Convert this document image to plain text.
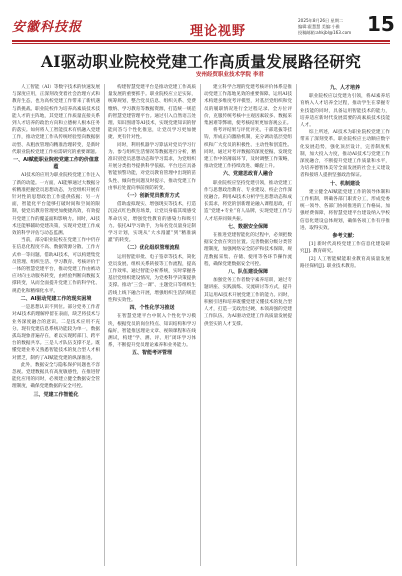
安徽科技报	理论视野
2025年8月26日 星期二
编辑:霍慧慧 美编:小雅
投稿邮箱:ahkjbl@163.com 15
AI驱动职业院校党建工作高质量发展路径研究
安州经贸职业技术学院 李君

人工智能（AI）等数字技术的快速发展与深度应用，正深刻改变着社会治理方式和教育生态，也为高校党建工作带来了新机遇与新挑战。职业院校作为培养高素质技术技能人才的主阵地，其党建工作质量直接关系到人才培养的政治方向和立德树人根本任务的落实。如何将人工智能技术有机融入党建工作，推动党建工作从传统经验型向数据驱动型、从粗放管理向精准治理转变，是新时代职业院校党建工作亟需研究的重要课题。

一、AI赋能职业院校党建工作的价值意蕴

AI技术的应用为职业院校党建工作注入了新的动能。一方面，AI能够通过大数据分析精准把握党员思想动态，为党组织开展有针对性的思想政治工作提供依据；另一方面，智能化平台能够打破时间和空间的限制，使党员教育管理更加便捷高效，有效提升党建工作的覆盖面和影响力。同时，AI技术还能够辅助党建决策，实现对党建工作成效的科学评估与动态监测。

当前，部分职业院校在党建工作中仍存在信息化程度不高、数据资源分散、工作方式单一等问题。借助AI技术，可以构建集党员管理、组织生活、学习教育、考核评价于一体的智慧党建平台，推动党建工作由被动应对向主动服务转变，由经验判断向数据支撑转变，从而全面提升党建工作的科学化、规范化和精细化水平。

二、AI驱动党建工作的现实困境

一是思想认识不到位。部分党务工作者对AI技术的理解停留在表面，缺乏将技术与业务深度融合的意识。二是技术应用不充分。现有党建信息系统功能较为单一，数据孤岛现象普遍存在，难以实现跨部门、跨平台的数据共享。三是人才队伍支撑不足。既懂党建业务又熟悉智能技术的复合型人才相对匮乏，制约了AI赋能党建的纵深推进。

此外，数据安全与隐私保护问题也不容忽视。党建数据具有高度敏感性，在推进智能化应用的同时，必须建立健全数据安全管理制度，确保党建数据的安全可控。

三、党建工作智能化

构建智慧党建平台是推动党建工作高质量发展的重要抓手。职业院校应立足实际，统筹规划，整合党员信息、组织关系、党费缴纳、学习教育等数据资源，打造统一规范的智慧党建管理平台。通过引入自然语言处理、知识图谱等AI技术，实现党建知识的智能问答与个性化推送，让党员学习更加便捷、更有针对性。

同时，利用机器学习算法对党员学习行为、参与组织生活情况等数据进行分析，精准识别党员思想动态和学习需求，为党组织开展分类指导提供科学依据。平台还应具备智能预警功能，对党员教育管理中出现的苗头性、倾向性问题及时提示，推动党建工作由事后处置向事前预防转变。

（一）创新党员教育方式

借助虚拟现实、增强现实等技术，打造沉浸式红色教育场景，让党员身临其境感受革命历史，增强党性教育的感染力和吸引力。依托AI学习助手，为每名党员量身定制学习计划，实现从“大水漫灌”到“精准滴灌”的转变。

（二）优化组织管理流程

运用智能审批、电子签章等技术，简化党员发展、组织关系转接等工作流程，提高工作效率。通过智能分析系统，实时掌握各基层党组织建设情况，为党委科学决策提供支撑。推动“三会一课”、主题党日等组织生活线上线下融合开展，增强组织生活的规范性和实效性。

四、个性化学习推送

在智慧党建平台中嵌入个性化学习模块，根据党员的岗位特点、知识结构和学习偏好，智能推送理论文章、视频课程和在线测试，构建“学、测、评、用”闭环学习体系，不断提升党员理论素养和业务能力。

五、智能考评管理

建立科学合理的党建考核评价体系是推动党建工作落地见效的重要保障。运用AI技术构建多维度考评模型，对基层党组织和党员的履职情况进行全过程记录、全方位评价，克服传统考核中主观因素较多、数据采集困难等弊端，使考核结果更加客观公正。

将考评结果与评优评先、干部选拔等挂钩，形成正向激励机制，充分调动基层党组织和广大党员的积极性、主动性和创造性。同时，通过对考评数据的深度挖掘，发现党建工作中的薄弱环节，及时调整工作策略，推动党建工作持续改进、螺旋上升。

六、党建思政育人融合

职业院校应坚持党建引领，推动党建工作与思想政治教育、专业建设、校企合作深度融合。利用AI技术分析学生思想动态和成长需求，将党的创新理论融入课程思政，打造“党建+专业”育人品牌，实现党建工作与人才培养同频共振。

七、数据安全保障

在推进党建智能化的过程中，必须把数据安全放在突出位置。完善数据分级分类管理制度，加强网络安全防护和技术保障，规范数据采集、存储、使用等各环节操作流程，确保党建数据安全可控。

八、队伍建设保障

加强党务工作者数字素养培训，通过专题讲座、实践演练、交流研讨等方式，提升其运用AI技术开展党建工作的能力。同时，积极引进和培养既懂党建又懂技术的复合型人才，打造一支政治过硬、本领高强的党建工作队伍，为AI驱动党建工作高质量发展提供坚实的人才支撑。

九、人才培养

职业院校应以党建为引领，将AI素养培育纳入人才培养全过程，推动学生在掌握专业技能的同时，具备运用智能技术的能力，培养适应新时代发展需要的高素质技术技能人才。

综上所述，AI技术为职业院校党建工作带来了深刻变革。职业院校应主动顺应数字化发展趋势，强化顶层设计，完善制度机制，加大投入力度，推动AI技术与党建工作深度融合，不断提升党建工作质量和水平，为培养德智体美劳全面发展的社会主义建设者和接班人提供坚强政治保证。

十、机制建设

建立健全AI赋能党建工作的领导体制和工作机制，明确各部门职责分工，形成党委统一领导、各部门协同推进的工作格局。加强经费保障，将智慧党建平台建设纳入学校信息化建设总体规划，确保各项工作有序推进、取得实效。

参考文献：

[1] 新时代高校党建工作信息化建设研究[J]. 教育研究。

[2] 人工智能赋能职业教育高质量发展路径探析[J]. 职业技术教育。
